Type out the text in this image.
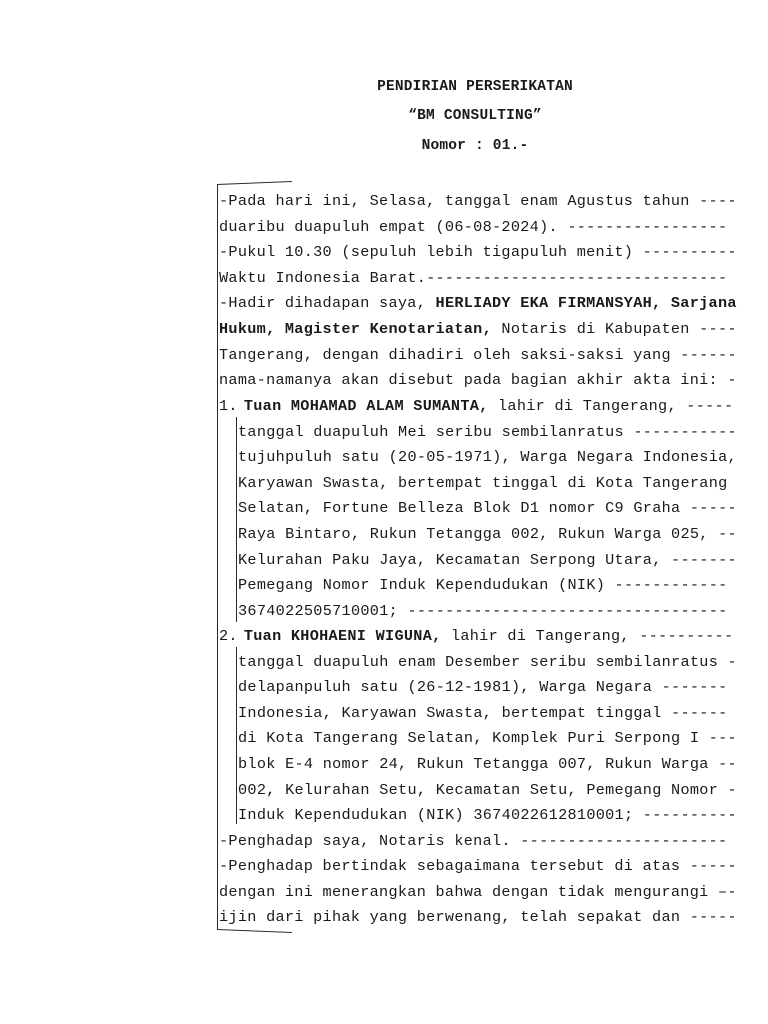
PENDIRIAN PERSERIKATAN
“BM CONSULTING”
Nomor : 01.-
-Pada hari ini, Selasa, tanggal enam Agustus tahun ----
duaribu duapuluh empat (06-08-2024). -----------------
-Pukul 10.30 (sepuluh lebih tigapuluh menit) ----------
Waktu Indonesia Barat.--------------------------------
-Hadir dihadapan saya, HERLIADY EKA FIRMANSYAH, Sarjana
Hukum, Magister Kenotariatan, Notaris di Kabupaten ----
Tangerang, dengan dihadiri oleh saksi-saksi yang ------
nama-namanya akan disebut pada bagian akhir akta ini: -
1. Tuan MOHAMAD ALAM SUMANTA, lahir di Tangerang, -----
tanggal duapuluh Mei seribu sembilanratus -----------
tujuhpuluh satu (20-05-1971), Warga Negara Indonesia,
Karyawan Swasta, bertempat tinggal di Kota Tangerang
Selatan, Fortune Belleza Blok D1 nomor C9 Graha -----
Raya Bintaro, Rukun Tetangga 002, Rukun Warga 025, --
Kelurahan Paku Jaya, Kecamatan Serpong Utara, -------
Pemegang Nomor Induk Kependudukan (NIK) ------------
3674022505710001; ----------------------------------
2. Tuan KHOHAENI WIGUNA, lahir di Tangerang, ----------
tanggal duapuluh enam Desember seribu sembilanratus -
delapanpuluh satu (26-12-1981), Warga Negara -------
Indonesia, Karyawan Swasta, bertempat tinggal ------
di Kota Tangerang Selatan, Komplek Puri Serpong I ---
blok E-4 nomor 24, Rukun Tetangga 007, Rukun Warga --
002, Kelurahan Setu, Kecamatan Setu, Pemegang Nomor -
Induk Kependudukan (NIK) 3674022612810001; ----------
-Penghadap saya, Notaris kenal. ----------------------
-Penghadap bertindak sebagaimana tersebut di atas -----
dengan ini menerangkan bahwa dengan tidak mengurangi –-
ijin dari pihak yang berwenang, telah sepakat dan -----
